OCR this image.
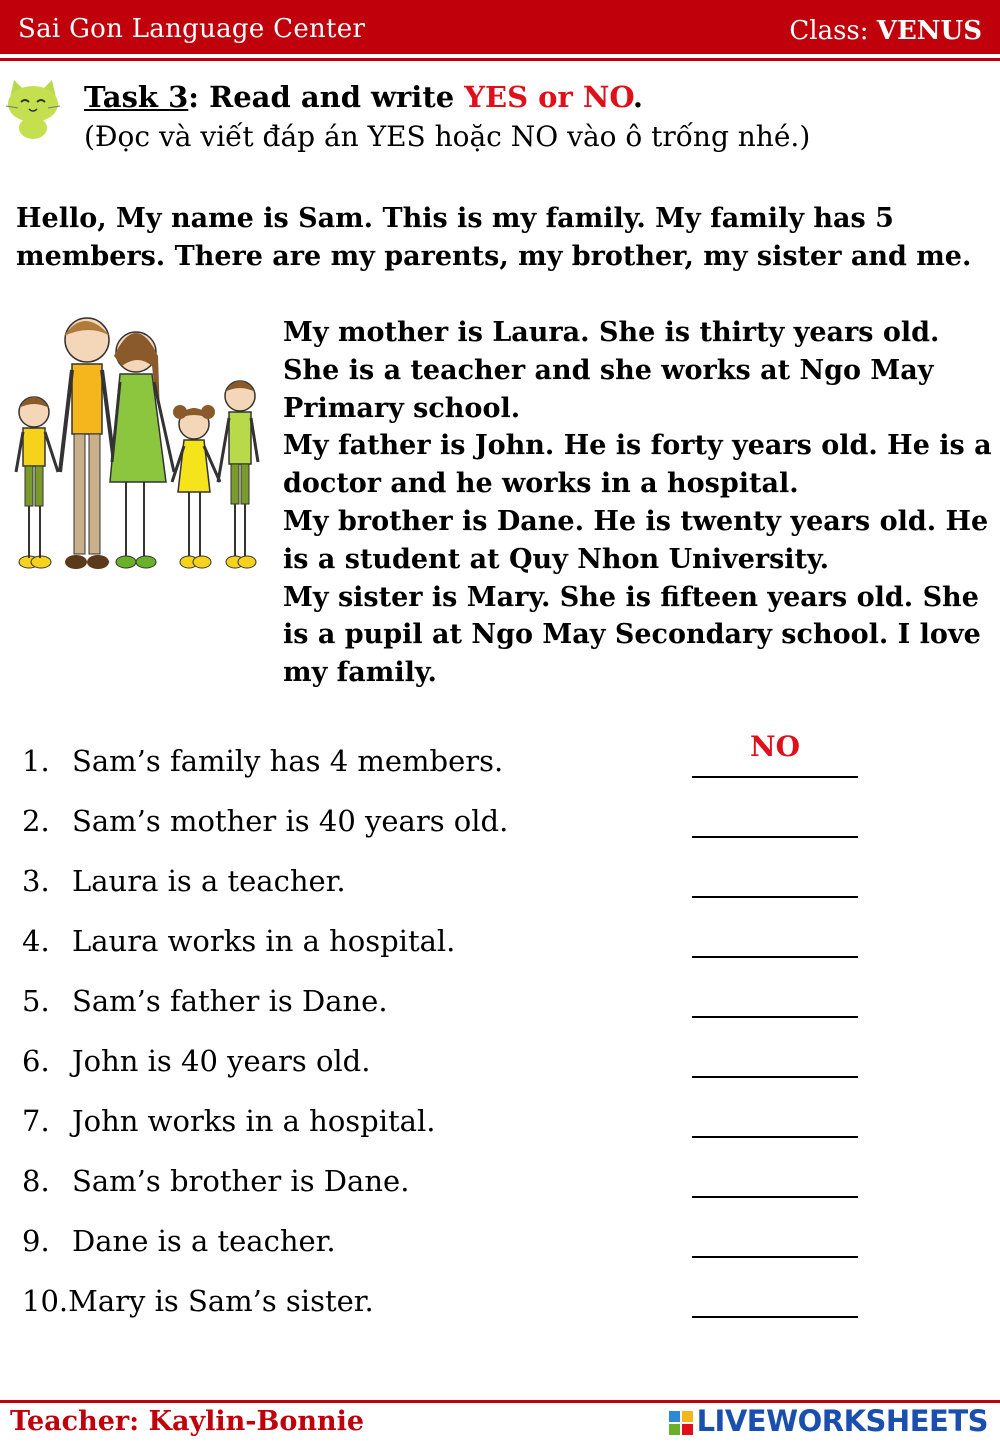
Sai Gon Language Center	Class: VENUS
Task 3: Read and write YES or NO.
(Đọc và viết đáp án YES hoặc NO vào ô trống nhé.)
Hello, My name is Sam. This is my family. My family has 5 members. There are my parents, my brother, my sister and me.

My mother is Laura. She is thirty years old. She is a teacher and she works at Ngo May Primary school.

My father is John. He is forty years old. He is a doctor and he works in a hospital.

My brother is Dane. He is twenty years old. He is a student at Quy Nhon University.

My sister is Mary. She is fifteen years old. She is a pupil at Ngo May Secondary school. I love my family.

1. Sam’s family has 4 members.	NO
2. Sam’s mother is 40 years old.
3. Laura is a teacher.
4. Laura works in a hospital.
5. Sam’s father is Dane.
6. John is 40 years old.
7. John works in a hospital.
8. Sam’s brother is Dane.
9. Dane is a teacher.
10.Mary is Sam’s sister.
Teacher: Kaylin-Bonnie	LIVEWORKSHEETS
